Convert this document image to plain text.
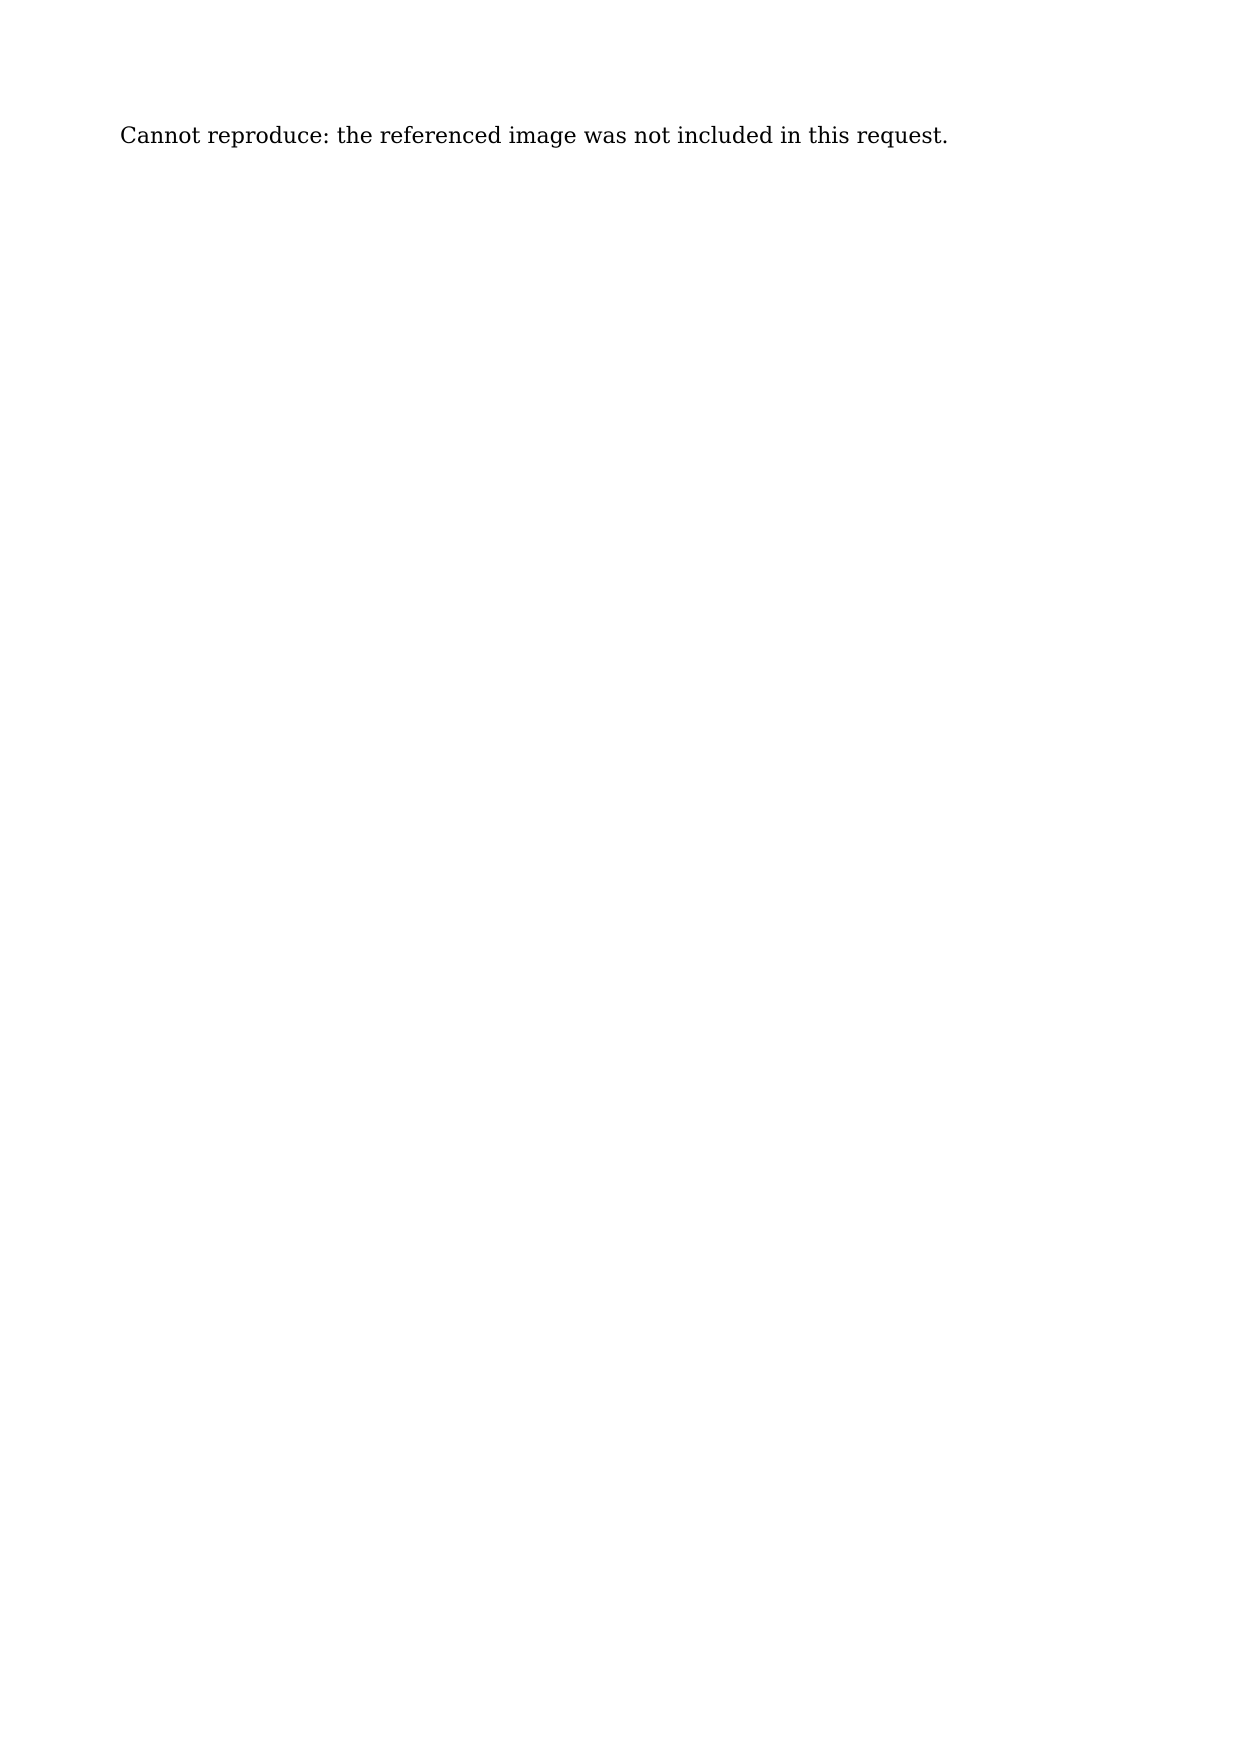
Cannot reproduce: the referenced image was not included in this request.
